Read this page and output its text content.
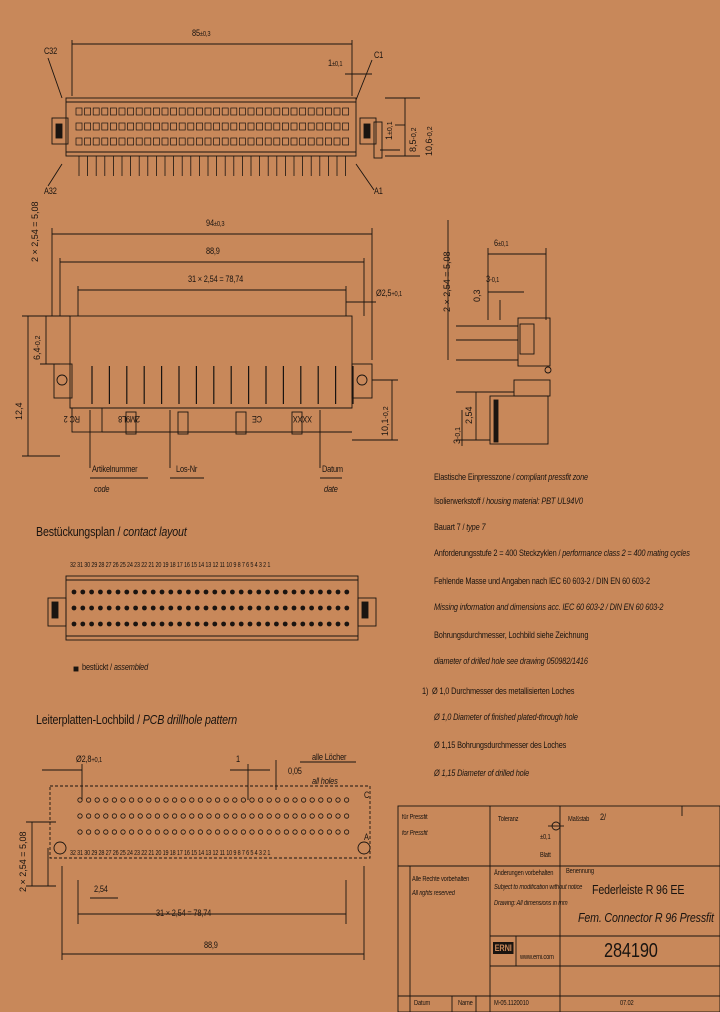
85±0,3
1±0,1
C32
A32	A1
C1
8,5-0,2
10,6-0,2
1±0,1
2 × 2,54 = 5,08	94±0,3
88,9
31 × 2,54 = 78,74
Ø2,5+0,1
6,4-0,2
12,4
10,1-0,2
RC 2	2M9L8	CE	XXXX
Artikelnummer
code
Los-Nr	Datum
date
2 × 2,54 = 5,08
6±0,1
3-0,1
0,3
2,54
3-0,1
Elastische Einpresszone / compliant pressfit zone
Isolierwerkstoff / housing material: PBT UL94V0
Bauart 7 / type 7
Anforderungsstufe 2 = 400 Steckzyklen / performance class 2 = 400 mating cycles
Fehlende Masse und Angaben nach IEC 60 603-2 / DIN EN 60 603-2
Missing information and dimensions acc. IEC 60 603-2 / DIN EN 60 603-2
Bohrungsdurchmesser, Lochbild siehe Zeichnung
diameter of drilled hole see drawing 050982/1416
1) Ø 1,0 Durchmesser des metallisierten Loches
Ø 1,0 Diameter of finished plated-through hole
Ø 1,15 Bohrungsdurchmesser des Loches
Ø 1,15 Diameter of drilled hole
Bestückungsplan / contact layout
32 31 30 29 28 27 26 25 24 23 22 21 20 19 18 17 16 15 14 13 12 11 10 9 8 7 6 5 4 3 2 1
bestückt / assembled
Leiterplatten-Lochbild / PCB drillhole pattern
Ø2,8+0,1	1
0,05
alle Löcher
all holes
C
A
32 31 30 29 28 27 26 25 24 23 22 21 20 19 18 17 16 15 14 13 12 11 10 9 8 7 6 5 4 3 2 1
2,54
31 × 2,54 = 78,74
88,9
2 × 2,54 = 5,08
für Pressfit
for Pressfit
Toleranz
±0,1
Maßstab
Blatt
2/
Alle Rechte vorbehalten
All rights reserved
Änderungen vorbehalten
Subject to modification without notice
Drawing: All dimensions in mm
Benennung
Federleiste R 96 EE
Fem. Connector R 96 Pressfit
ERNI
www.erni.com	284190
Datum	Name	M-05.1120010	07.02
